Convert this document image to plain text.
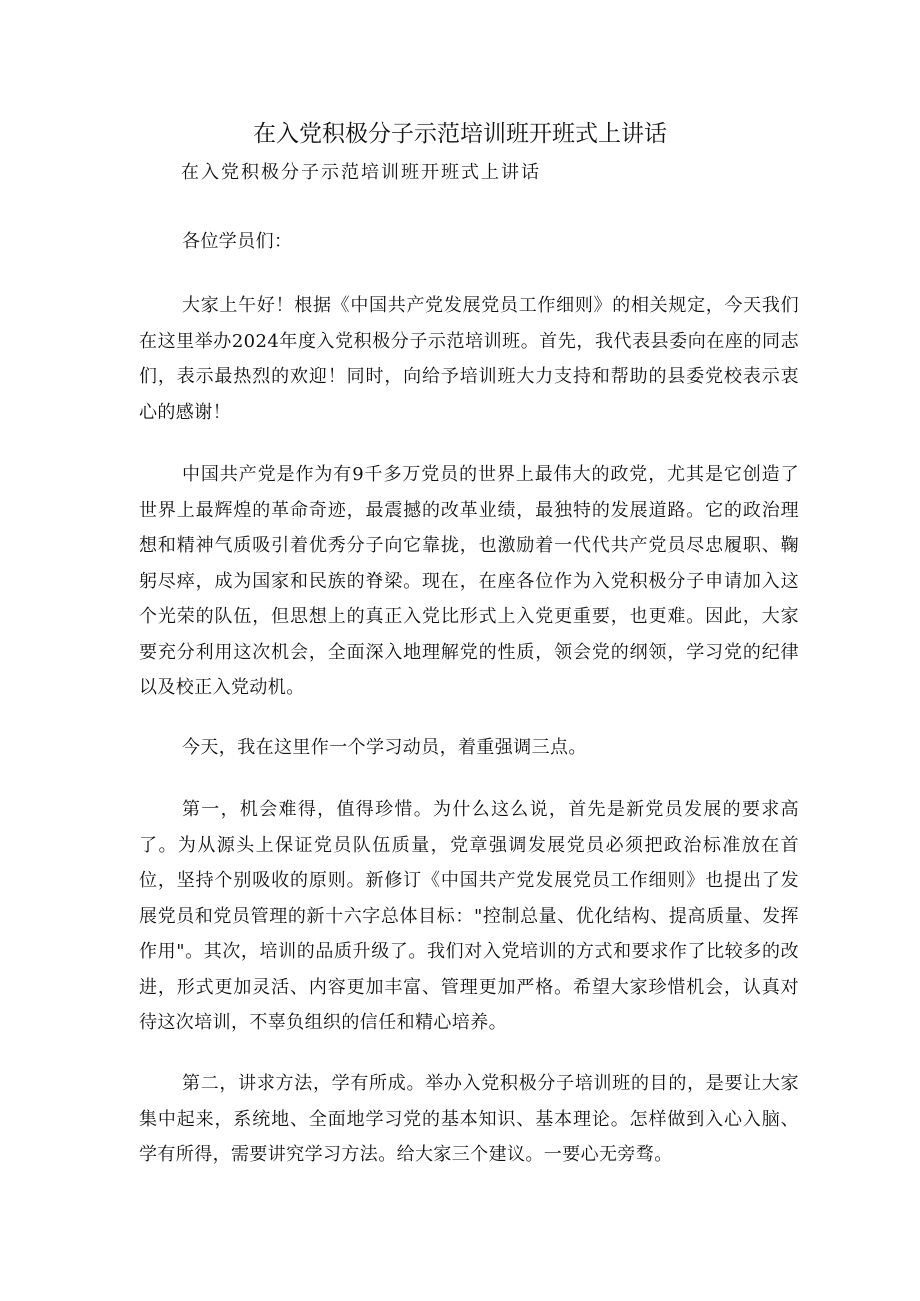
在入党积极分子示范培训班开班式上讲话
在入党积极分子示范培训班开班式上讲话

各位学员们：

大家上午好！根据《中国共产党发展党员工作细则》的相关规定，今天我们在这里举办2024年度入党积极分子示范培训班。首先，我代表县委向在座的同志们，表示最热烈的欢迎！同时，向给予培训班大力支持和帮助的县委党校表示衷心的感谢！

中国共产党是作为有9千多万党员的世界上最伟大的政党，尤其是它创造了世界上最辉煌的革命奇迹，最震撼的改革业绩，最独特的发展道路。它的政治理想和精神气质吸引着优秀分子向它靠拢，也激励着一代代共产党员尽忠履职、鞠躬尽瘁，成为国家和民族的脊梁。现在，在座各位作为入党积极分子申请加入这个光荣的队伍，但思想上的真正入党比形式上入党更重要，也更难。因此，大家要充分利用这次机会，全面深入地理解党的性质，领会党的纲领，学习党的纪律以及校正入党动机。

今天，我在这里作一个学习动员，着重强调三点。

第一，机会难得，值得珍惜。为什么这么说，首先是新党员发展的要求高了。为从源头上保证党员队伍质量，党章强调发展党员必须把政治标准放在首位，坚持个别吸收的原则。新修订《中国共产党发展党员工作细则》也提出了发展党员和党员管理的新十六字总体目标："控制总量、优化结构、提高质量、发挥作用"。其次，培训的品质升级了。我们对入党培训的方式和要求作了比较多的改进，形式更加灵活、内容更加丰富、管理更加严格。希望大家珍惜机会，认真对待这次培训，不辜负组织的信任和精心培养。

第二，讲求方法，学有所成。举办入党积极分子培训班的目的，是要让大家集中起来，系统地、全面地学习党的基本知识、基本理论。怎样做到入心入脑、学有所得，需要讲究学习方法。给大家三个建议。一要心无旁骛。
